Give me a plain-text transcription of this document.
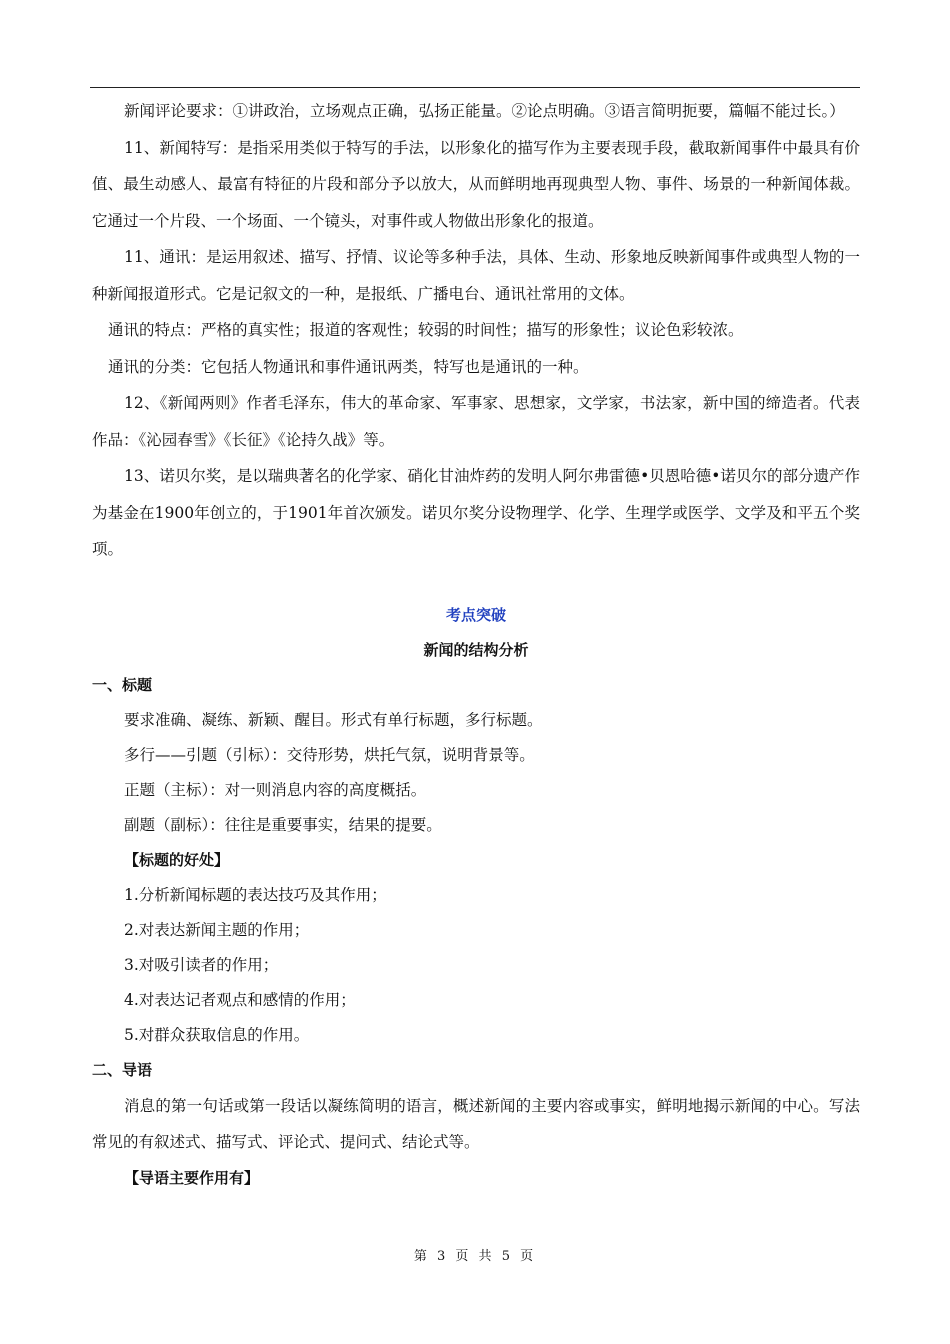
新闻评论要求：①讲政治，立场观点正确，弘扬正能量。②论点明确。③语言简明扼要，篇幅不能过长。）

11、新闻特写：是指采用类似于特写的手法，以形象化的描写作为主要表现手段，截取新闻事件中最具有价值、最生动感人、最富有特征的片段和部分予以放大，从而鲜明地再现典型人物、事件、场景的一种新闻体裁。它通过一个片段、一个场面、一个镜头，对事件或人物做出形象化的报道。

11、通讯：是运用叙述、描写、抒情、议论等多种手法，具体、生动、形象地反映新闻事件或典型人物的一种新闻报道形式。它是记叙文的一种，是报纸、广播电台、通讯社常用的文体。

通讯的特点：严格的真实性；报道的客观性；较弱的时间性；描写的形象性；议论色彩较浓。

通讯的分类：它包括人物通讯和事件通讯两类，特写也是通讯的一种。

12、《新闻两则》作者毛泽东，伟大的革命家、军事家、思想家，文学家，书法家，新中国的缔造者。代表作品：《沁园春雪》《长征》《论持久战》等。

13、诺贝尔奖，是以瑞典著名的化学家、硝化甘油炸药的发明人阿尔弗雷德•贝恩哈德•诺贝尔的部分遗产作为基金在1900年创立的，于1901年首次颁发。诺贝尔奖分设物理学、化学、生理学或医学、文学及和平五个奖项。

考点突破

新闻的结构分析

一、标题

要求准确、凝练、新颖、醒目。形式有单行标题，多行标题。

多行——引题（引标）：交待形势，烘托气氛，说明背景等。

正题（主标）：对一则消息内容的高度概括。

副题（副标）：往往是重要事实，结果的提要。

【标题的好处】

1.分析新闻标题的表达技巧及其作用；

2.对表达新闻主题的作用；

3.对吸引读者的作用；

4.对表达记者观点和感情的作用；

5.对群众获取信息的作用。

二、导语

消息的第一句话或第一段话以凝练简明的语言，概述新闻的主要内容或事实，鲜明地揭示新闻的中心。写法常见的有叙述式、描写式、评论式、提问式、结论式等。

【导语主要作用有】

第 3 页 共 5 页
